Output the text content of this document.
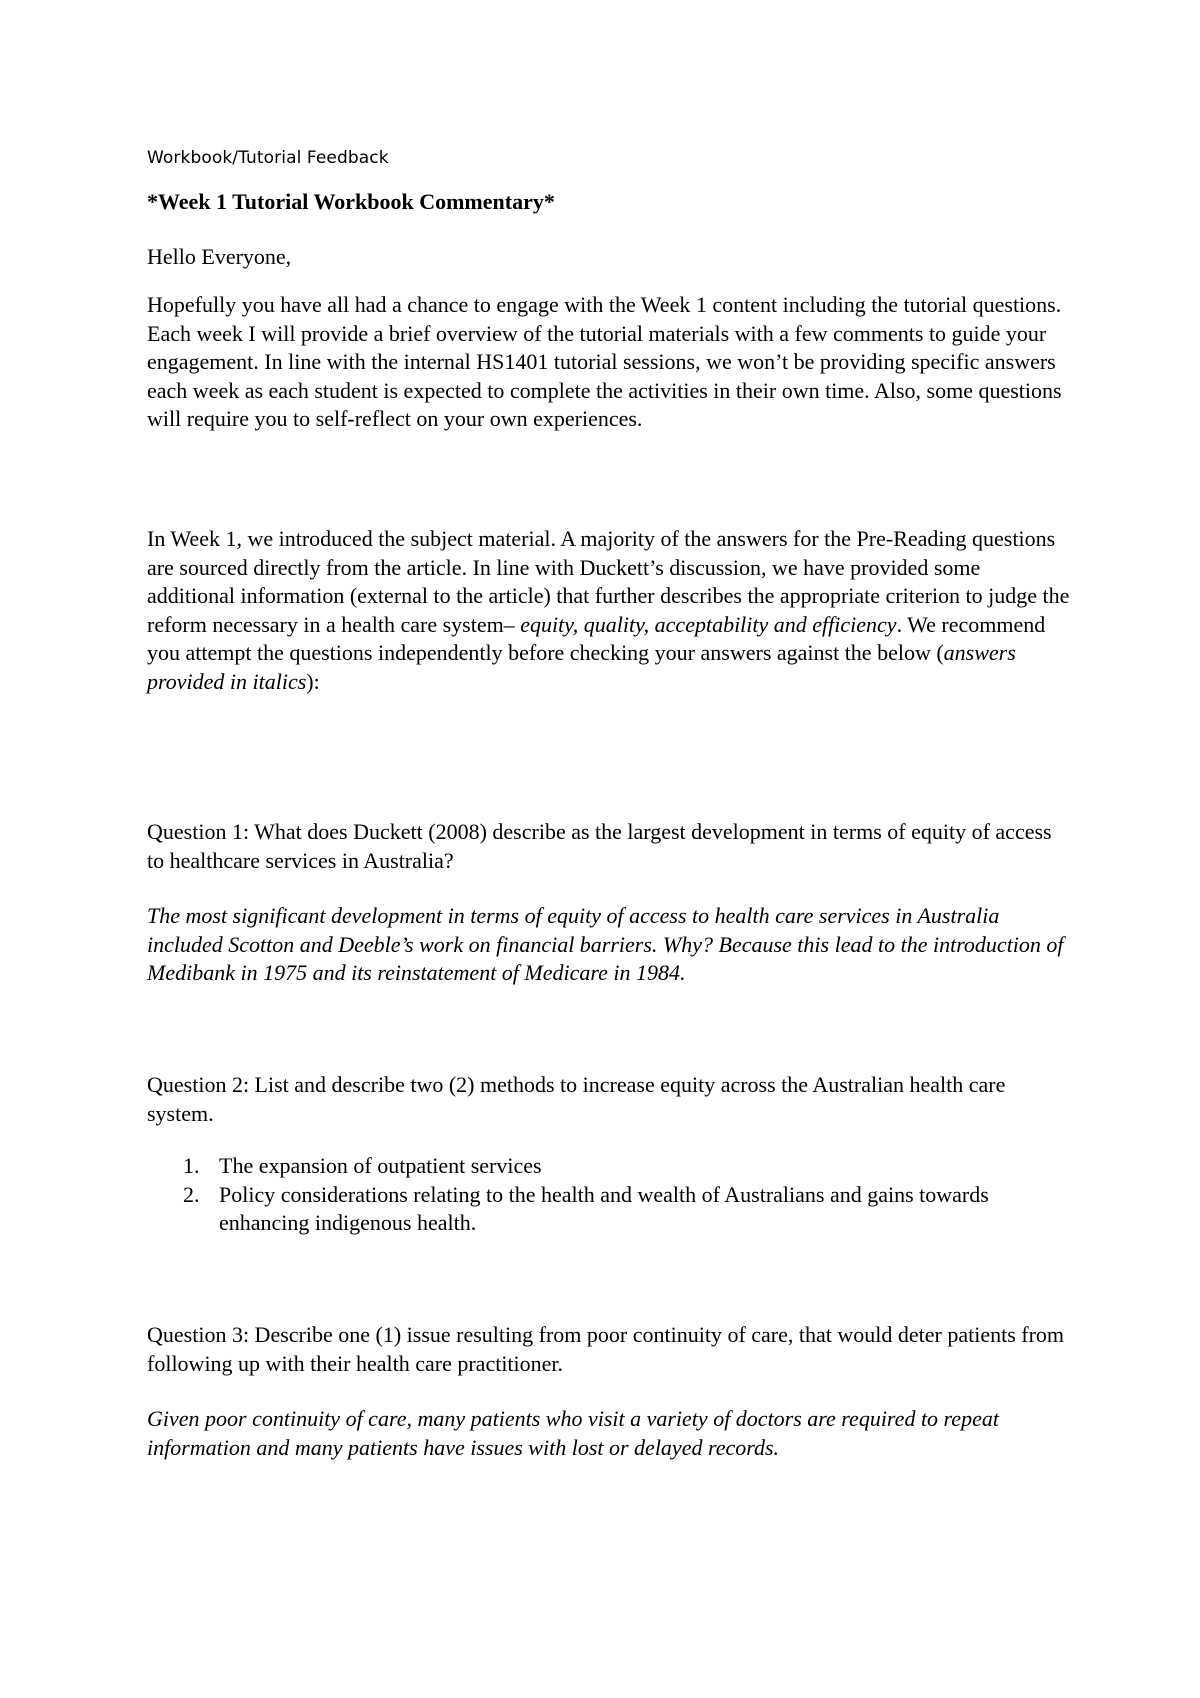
Workbook/Tutorial Feedback

*Week 1 Tutorial Workbook Commentary*

Hello Everyone,

Hopefully you have all had a chance to engage with the Week 1 content including the tutorial questions. Each week I will provide a brief overview of the tutorial materials with a few comments to guide your engagement. In line with the internal HS1401 tutorial sessions, we won’t be providing specific answers each week as each student is expected to complete the activities in their own time. Also, some questions will require you to self-reflect on your own experiences.

In Week 1, we introduced the subject material. A majority of the answers for the Pre-Reading questions are sourced directly from the article. In line with Duckett’s discussion, we have provided some additional information (external to the article) that further describes the appropriate criterion to judge the reform necessary in a health care system– equity, quality, acceptability and efficiency. We recommend you attempt the questions independently before checking your answers against the below (answers provided in italics):

Question 1: What does Duckett (2008) describe as the largest development in terms of equity of access to healthcare services in Australia?

The most significant development in terms of equity of access to health care services in Australia included Scotton and Deeble’s work on financial barriers. Why? Because this lead to the introduction of Medibank in 1975 and its reinstatement of Medicare in 1984.

Question 2: List and describe two (2) methods to increase equity across the Australian health care system.

1. The expansion of outpatient services
2. Policy considerations relating to the health and wealth of Australians and gains towards enhancing indigenous health.

Question 3: Describe one (1) issue resulting from poor continuity of care, that would deter patients from following up with their health care practitioner.

Given poor continuity of care, many patients who visit a variety of doctors are required to repeat information and many patients have issues with lost or delayed records.
